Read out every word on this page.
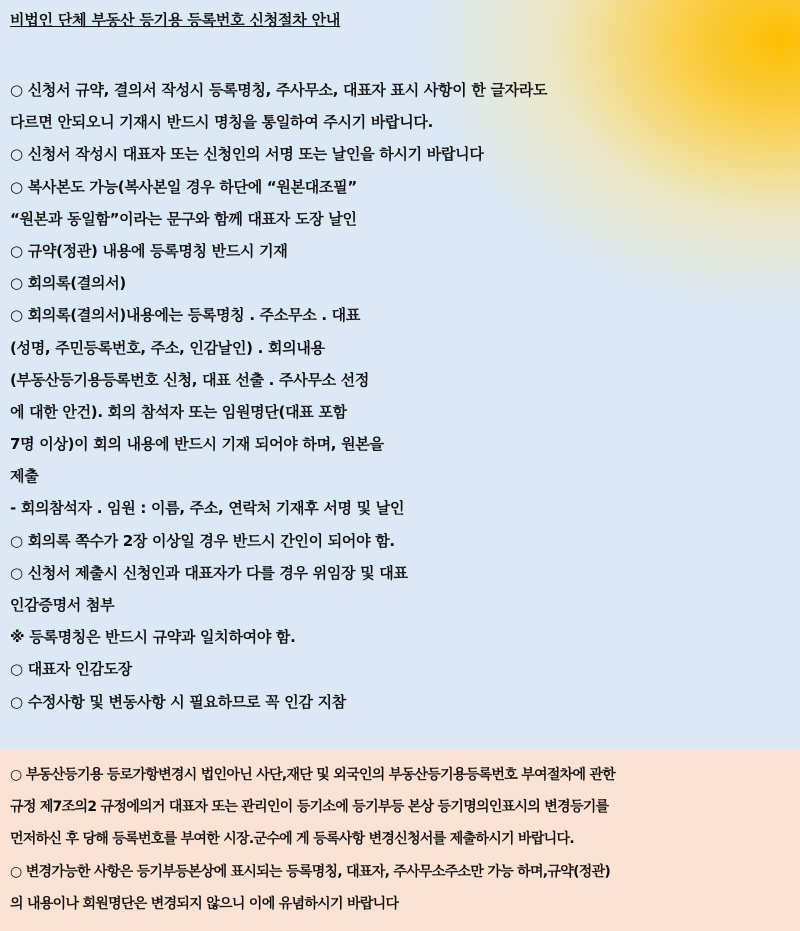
비법인 단체 부동산 등기용 등록번호 신청절차 안내
○ 신청서 규약, 결의서 작성시 등록명칭, 주사무소, 대표자 표시 사항이 한 글자라도
다르면 안되오니 기재시 반드시 명칭을 통일하여 주시기 바랍니다.
○ 신청서 작성시 대표자 또는 신청인의 서명 또는 날인을 하시기 바랍니다
○ 복사본도 가능(복사본일 경우 하단에 “원본대조필”
“원본과 동일함”이라는 문구와 함께 대표자 도장 날인
○ 규약(정관) 내용에 등록명칭 반드시 기재
○ 회의록(결의서)
○ 회의록(결의서)내용에는 등록명칭 . 주소무소 . 대표
(성명, 주민등록번호, 주소, 인감날인) . 회의내용
(부동산등기용등록번호 신청, 대표 선출 . 주사무소 선정
에 대한 안건). 회의 참석자 또는 임원명단(대표 포함
7명 이상)이 회의 내용에 반드시 기재 되어야 하며, 원본을
제출
- 회의참석자 . 임원 : 이름, 주소, 연락처 기재후 서명 및 날인
○ 회의록 쪽수가 2장 이상일 경우 반드시 간인이 되어야 함.
○ 신청서 제출시 신청인과 대표자가 다를 경우 위임장 및 대표
인감증명서 첨부
※ 등록명칭은 반드시 규약과 일치하여야 함.
○ 대표자 인감도장
○ 수정사항 및 변동사항 시 필요하므로 꼭 인감 지참
○ 부동산등기용 등로가항변경시 법인아닌 사단,재단 및 외국인의 부동산등기용등록번호 부여절차에 관한
규정 제7조의2 규정에의거 대표자 또는 관리인이 등기소에 등기부등 본상 등기명의인표시의 변경등기를
먼저하신 후 당해 등록번호를 부여한 시장.군수에 게 등록사항 변경신청서를 제출하시기 바랍니다.
○ 변경가능한 사항은 등기부등본상에 표시되는 등록명칭, 대표자, 주사무소주소만 가능 하며,규약(정관)
의 내용이나 회원명단은 변경되지 않으니 이에 유념하시기 바랍니다
